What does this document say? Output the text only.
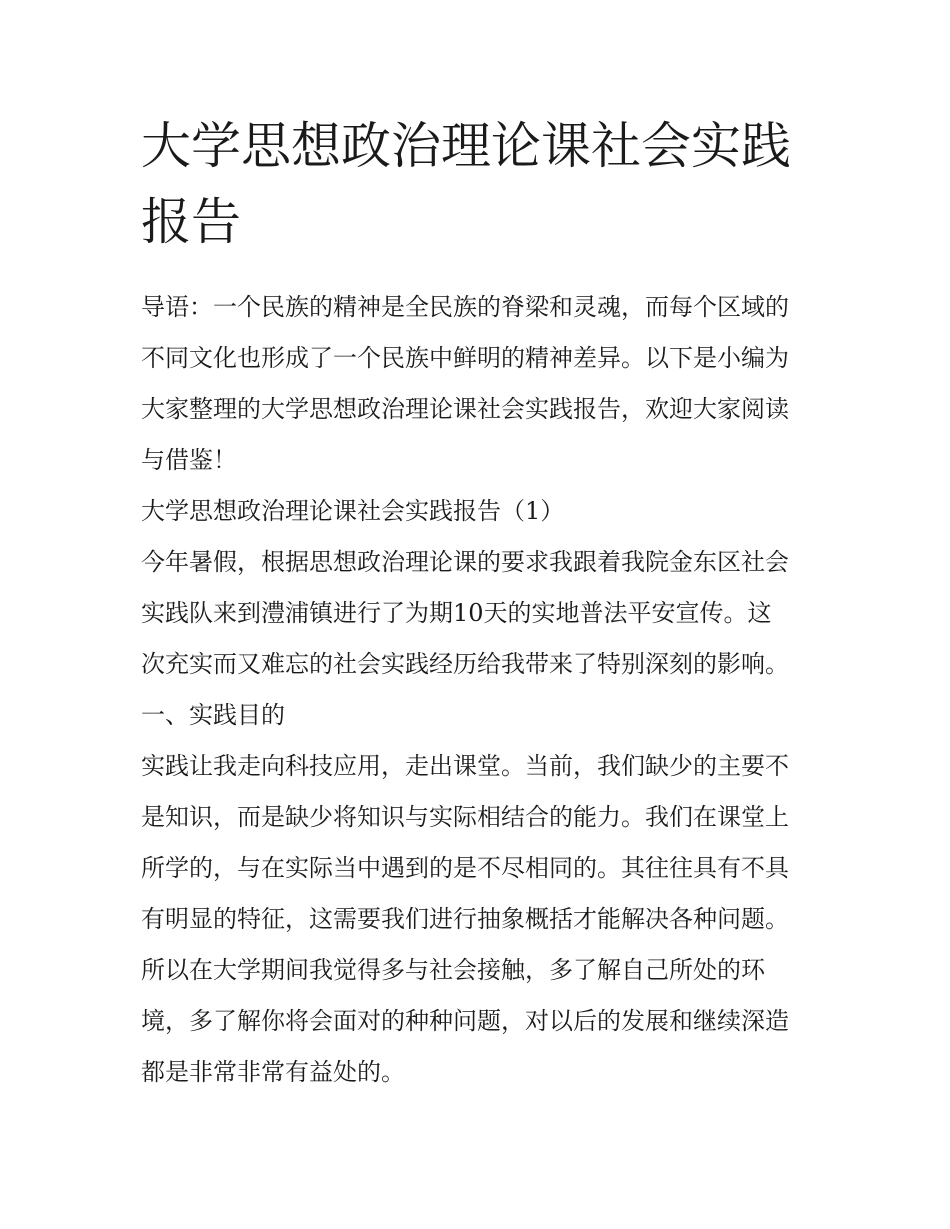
大学思想政治理论课社会实践
报告
导语：一个民族的精神是全民族的脊梁和灵魂，而每个区域的
不同文化也形成了一个民族中鲜明的精神差异。以下是小编为
大家整理的大学思想政治理论课社会实践报告，欢迎大家阅读
与借鉴！
大学思想政治理论课社会实践报告（1）
今年暑假，根据思想政治理论课的要求我跟着我院金东区社会
实践队来到澧浦镇进行了为期10天的实地普法平安宣传。这
次充实而又难忘的社会实践经历给我带来了特别深刻的影响。
一、实践目的
实践让我走向科技应用，走出课堂。当前，我们缺少的主要不
是知识，而是缺少将知识与实际相结合的能力。我们在课堂上
所学的，与在实际当中遇到的是不尽相同的。其往往具有不具
有明显的特征，这需要我们进行抽象概括才能解决各种问题。
所以在大学期间我觉得多与社会接触，多了解自己所处的环
境，多了解你将会面对的种种问题，对以后的发展和继续深造
都是非常非常有益处的。
